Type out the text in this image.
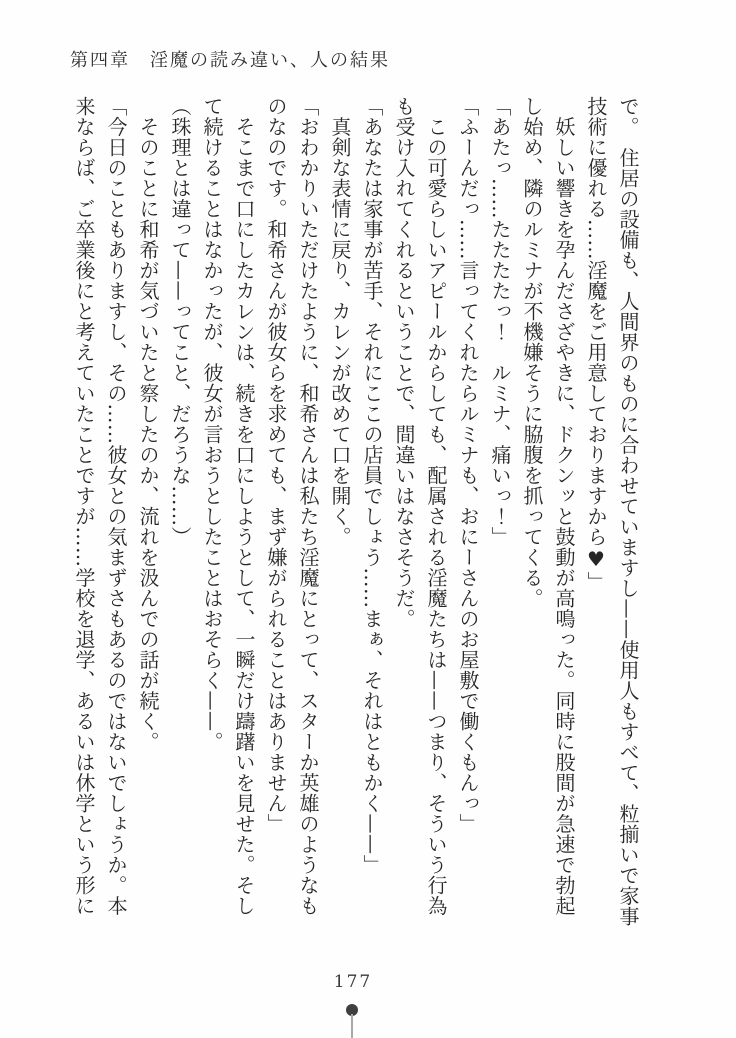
第四章　淫魔の読み違い、人の結果
で。　住居の設備も、人間界のものに合わせていますし——使用人もすべて、粒揃いで家事
技術に優れる……淫魔をご用意しておりますから♥」
　妖しい響きを孕んださざやきに、ドクンッと鼓動が高鳴った。同時に股間が急速で勃起
し始め、隣のルミナが不機嫌そうに脇腹を抓ってくる。
「あたっ……たたたたっ！　ルミナ、痛いっ！」
「ふーんだっ……言ってくれたらルミナも、おにーさんのお屋敷で働くもんっ」
　この可愛らしいアピールからしても、配属される淫魔たちは——つまり、そういう行為
も受け入れてくれるということで、間違いはなさそうだ。
「あなたは家事が苦手、それにここの店員でしょう……まぁ、それはともかく——」
　真剣な表情に戻り、カレンが改めて口を開く。
「おわかりいただけたように、和希さんは私たち淫魔にとって、スターか英雄のようなも
のなのです。和希さんが彼女らを求めても、まず嫌がられることはありません」
　そこまで口にしたカレンは、続きを口にしようとして、一瞬だけ躊躇いを見せた。そし
て続けることはなかったが、彼女が言おうとしたことはおそらく——。
（珠理とは違って——ってこと、だろうな……）
　そのことに和希が気づいたと察したのか、流れを汲んでの話が続く。
「今日のこともありますし、その……彼女との気まずさもあるのではないでしょうか。本
来ならば、ご卒業後にと考えていたことですが……学校を退学、あるいは休学という形に
177
